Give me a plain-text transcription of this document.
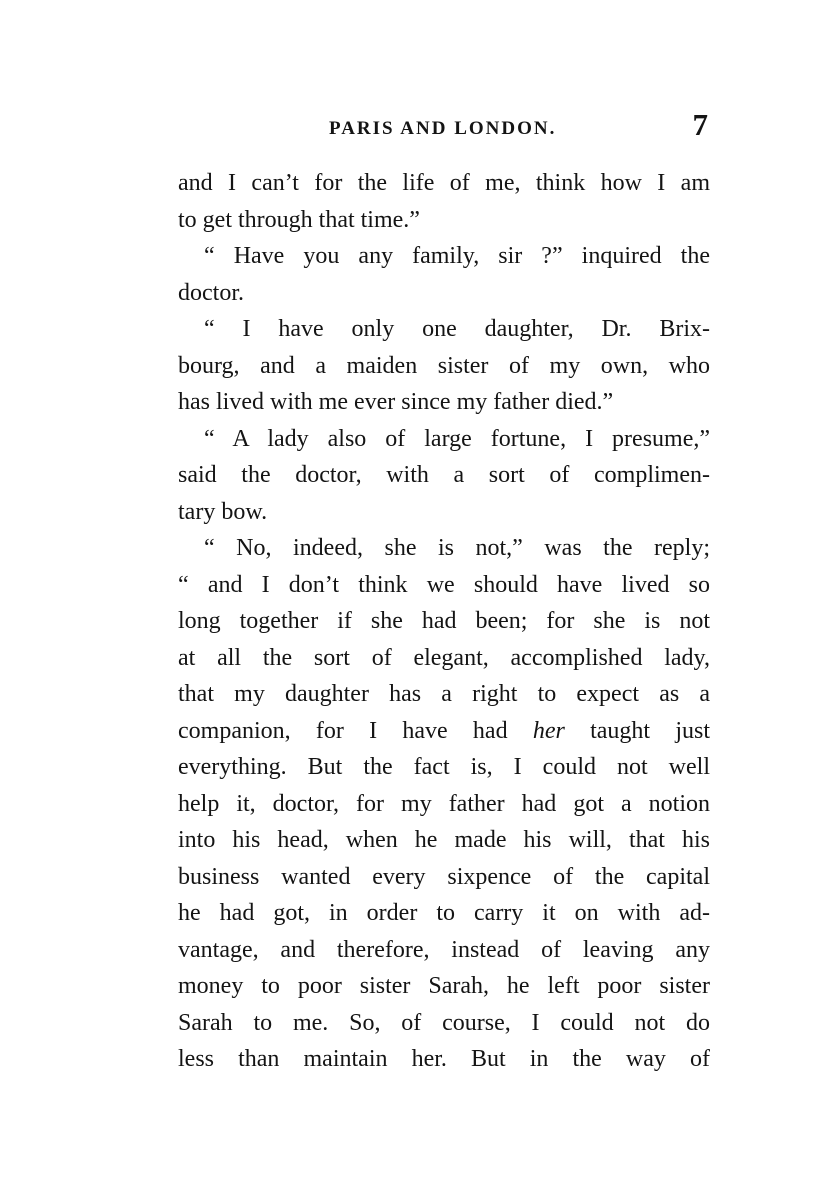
PARIS AND LONDON.	7
and I can’t for the life of me, think how I am
to get through that time.”
“ Have you any family, sir ?” inquired the
doctor.
“ I have only one daughter, Dr. Brix-
bourg, and a maiden sister of my own, who
has lived with me ever since my father died.”
“ A lady also of large fortune, I presume,”
said the doctor, with a sort of complimen-
tary bow.
“ No, indeed, she is not,” was the reply;
“ and I don’t think we should have lived so
long together if she had been; for she is not
at all the sort of elegant, accomplished lady,
that my daughter has a right to expect as a
companion, for I have had her taught just
everything. But the fact is, I could not well
help it, doctor, for my father had got a notion
into his head, when he made his will, that his
business wanted every sixpence of the capital
he had got, in order to carry it on with ad-
vantage, and therefore, instead of leaving any
money to poor sister Sarah, he left poor sister
Sarah to me. So, of course, I could not do
less than maintain her. But in the way of
